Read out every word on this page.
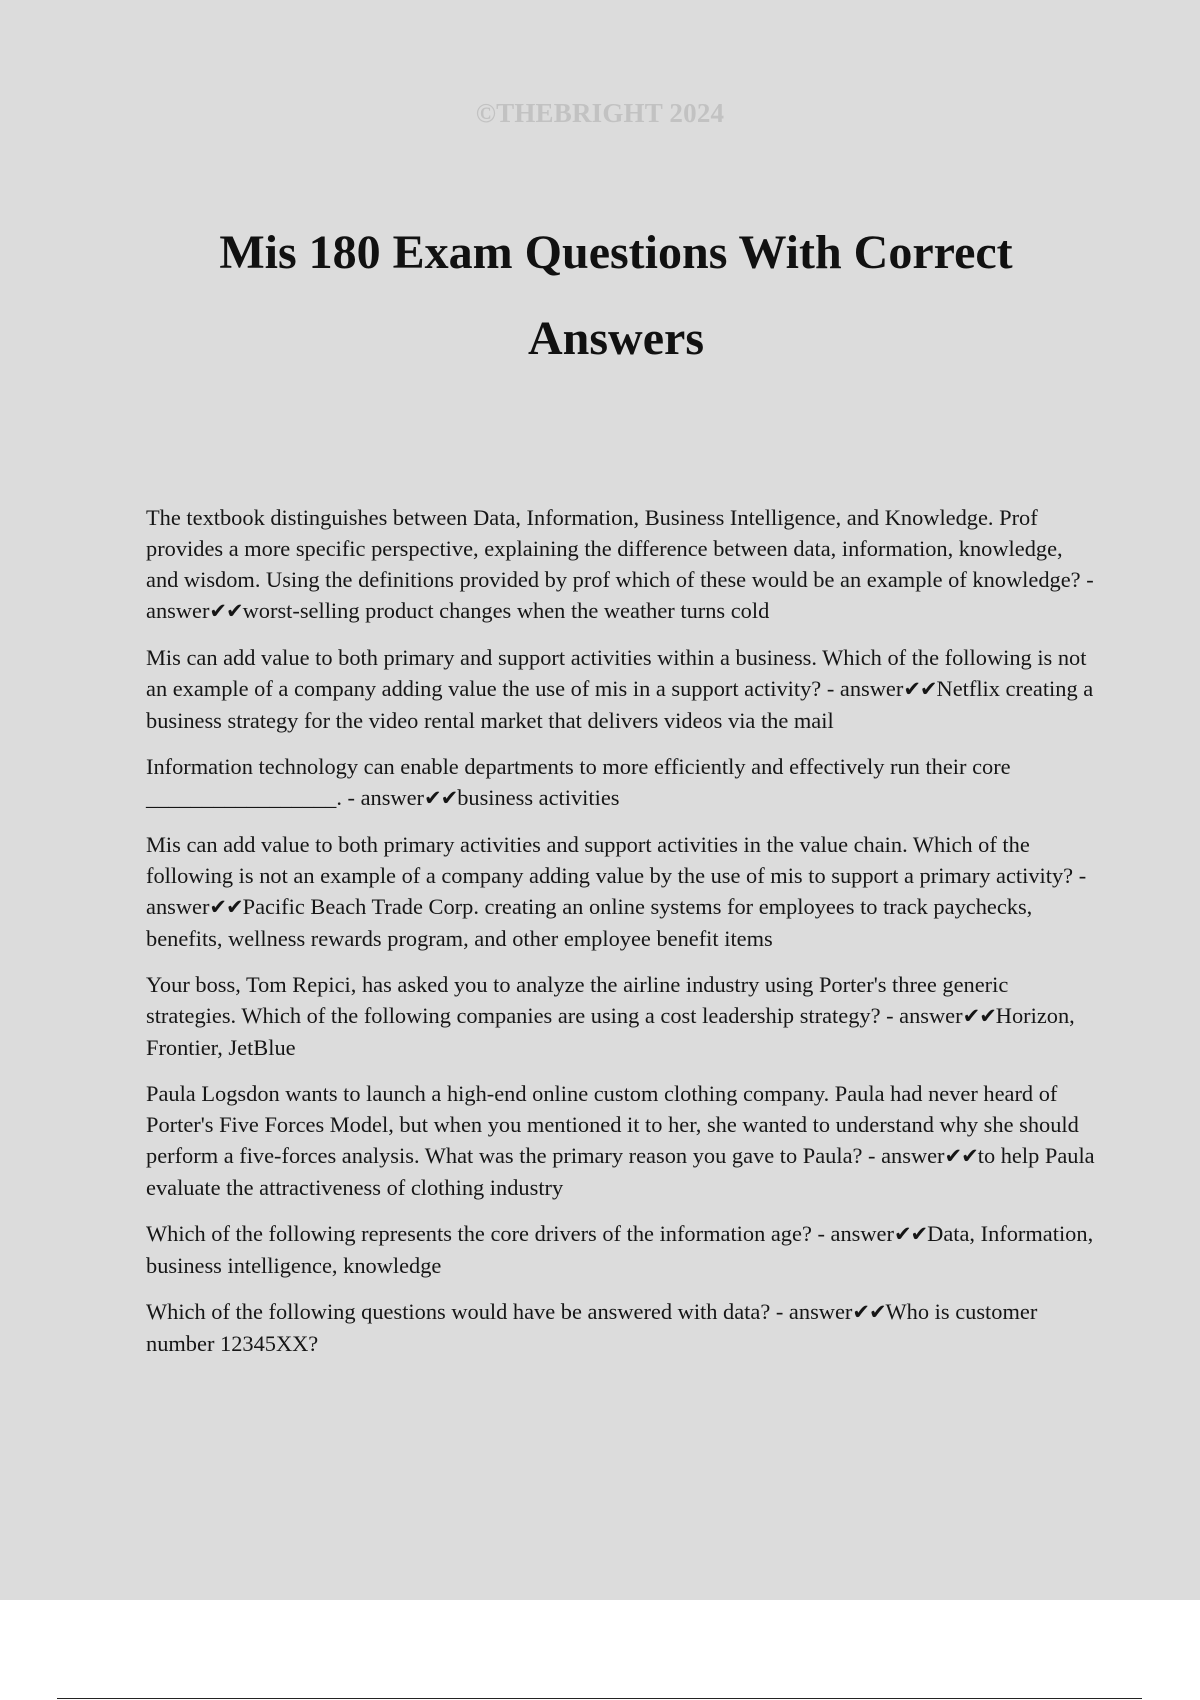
©THEBRIGHT 2024
Mis 180 Exam Questions With Correct Answers

The textbook distinguishes between Data, Information, Business Intelligence, and Knowledge. Prof provides a more specific perspective, explaining the difference between data, information, knowledge, and wisdom. Using the definitions provided by prof which of these would be an example of knowledge? - answer✔✔worst-selling product changes when the weather turns cold

Mis can add value to both primary and support activities within a business. Which of the following is not an example of a company adding value the use of mis in a support activity? - answer✔✔Netflix creating a business strategy for the video rental market that delivers videos via the mail

Information technology can enable departments to more efficiently and effectively run their core _________________. - answer✔✔business activities

Mis can add value to both primary activities and support activities in the value chain. Which of the following is not an example of a company adding value by the use of mis to support a primary activity? - answer✔✔Pacific Beach Trade Corp. creating an online systems for employees to track paychecks, benefits, wellness rewards program, and other employee benefit items

Your boss, Tom Repici, has asked you to analyze the airline industry using Porter's three generic strategies. Which of the following companies are using a cost leadership strategy? - answer✔✔Horizon, Frontier, JetBlue

Paula Logsdon wants to launch a high-end online custom clothing company. Paula had never heard of Porter's Five Forces Model, but when you mentioned it to her, she wanted to understand why she should perform a five-forces analysis. What was the primary reason you gave to Paula? - answer✔✔to help Paula evaluate the attractiveness of clothing industry

Which of the following represents the core drivers of the information age? - answer✔✔Data, Information, business intelligence, knowledge

Which of the following questions would have be answered with data? - answer✔✔Who is customer number 12345XX?
